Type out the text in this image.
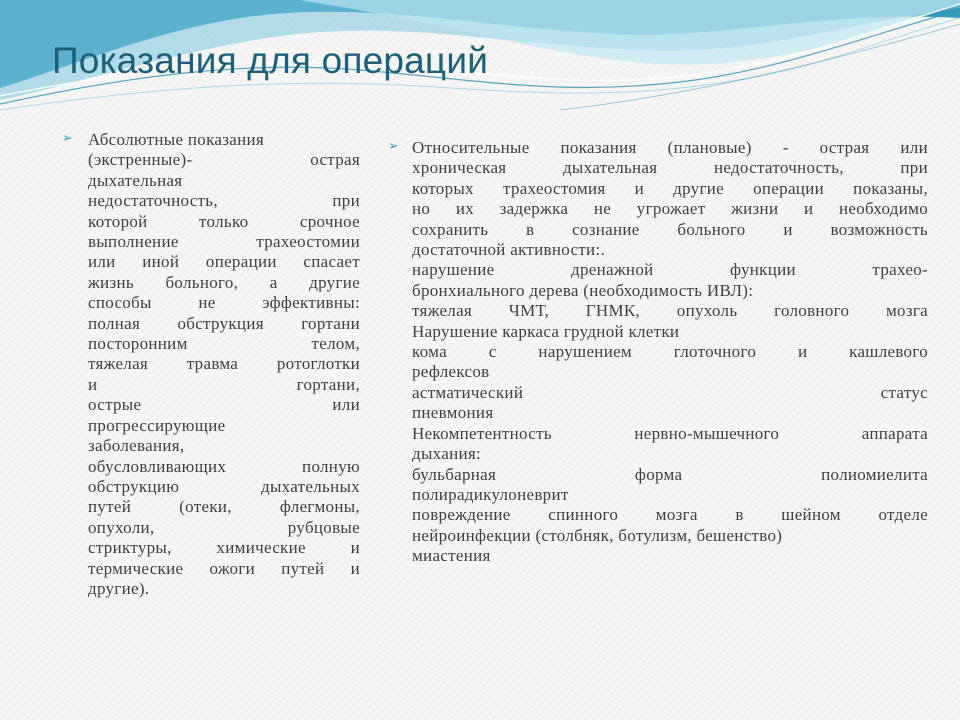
Показания для операций
➢ Абсолютные показания
(экстренные)- острая
дыхательная
недостаточность, при
которой только срочное
выполнение трахеостомии
или иной операции спасает
жизнь больного, а другие
способы не эффективны:
полная обструкция гортани
посторонним телом,
тяжелая травма ротоглотки
и гортани,
острые или
прогрессирующие
заболевания,
обусловливающих полную
обструкцию дыхательных
путей (отеки, флегмоны,
опухоли, рубцовые
стриктуры, химические и
термические ожоги путей и
другие).
➢ Относительные показания (плановые) - острая или
хроническая дыхательная недостаточность, при
которых трахеостомия и другие операции показаны,
но их задержка не угрожает жизни и необходимо
сохранить в сознание больного и возможность
достаточной активности:.
нарушение дренажной функции трахео-
бронхиального дерева (необходимость ИВЛ):
тяжелая ЧМТ, ГНМК, опухоль головного мозга
Нарушение каркаса грудной клетки
кома с нарушением глоточного и кашлевого
рефлексов
астматический статус
пневмония
Некомпетентность нервно-мышечного аппарата
дыхания:
бульбарная форма полиомиелита
полирадикулоневрит
повреждение спинного мозга в шейном отделе
нейроинфекции (столбняк, ботулизм, бешенство)
миастения
